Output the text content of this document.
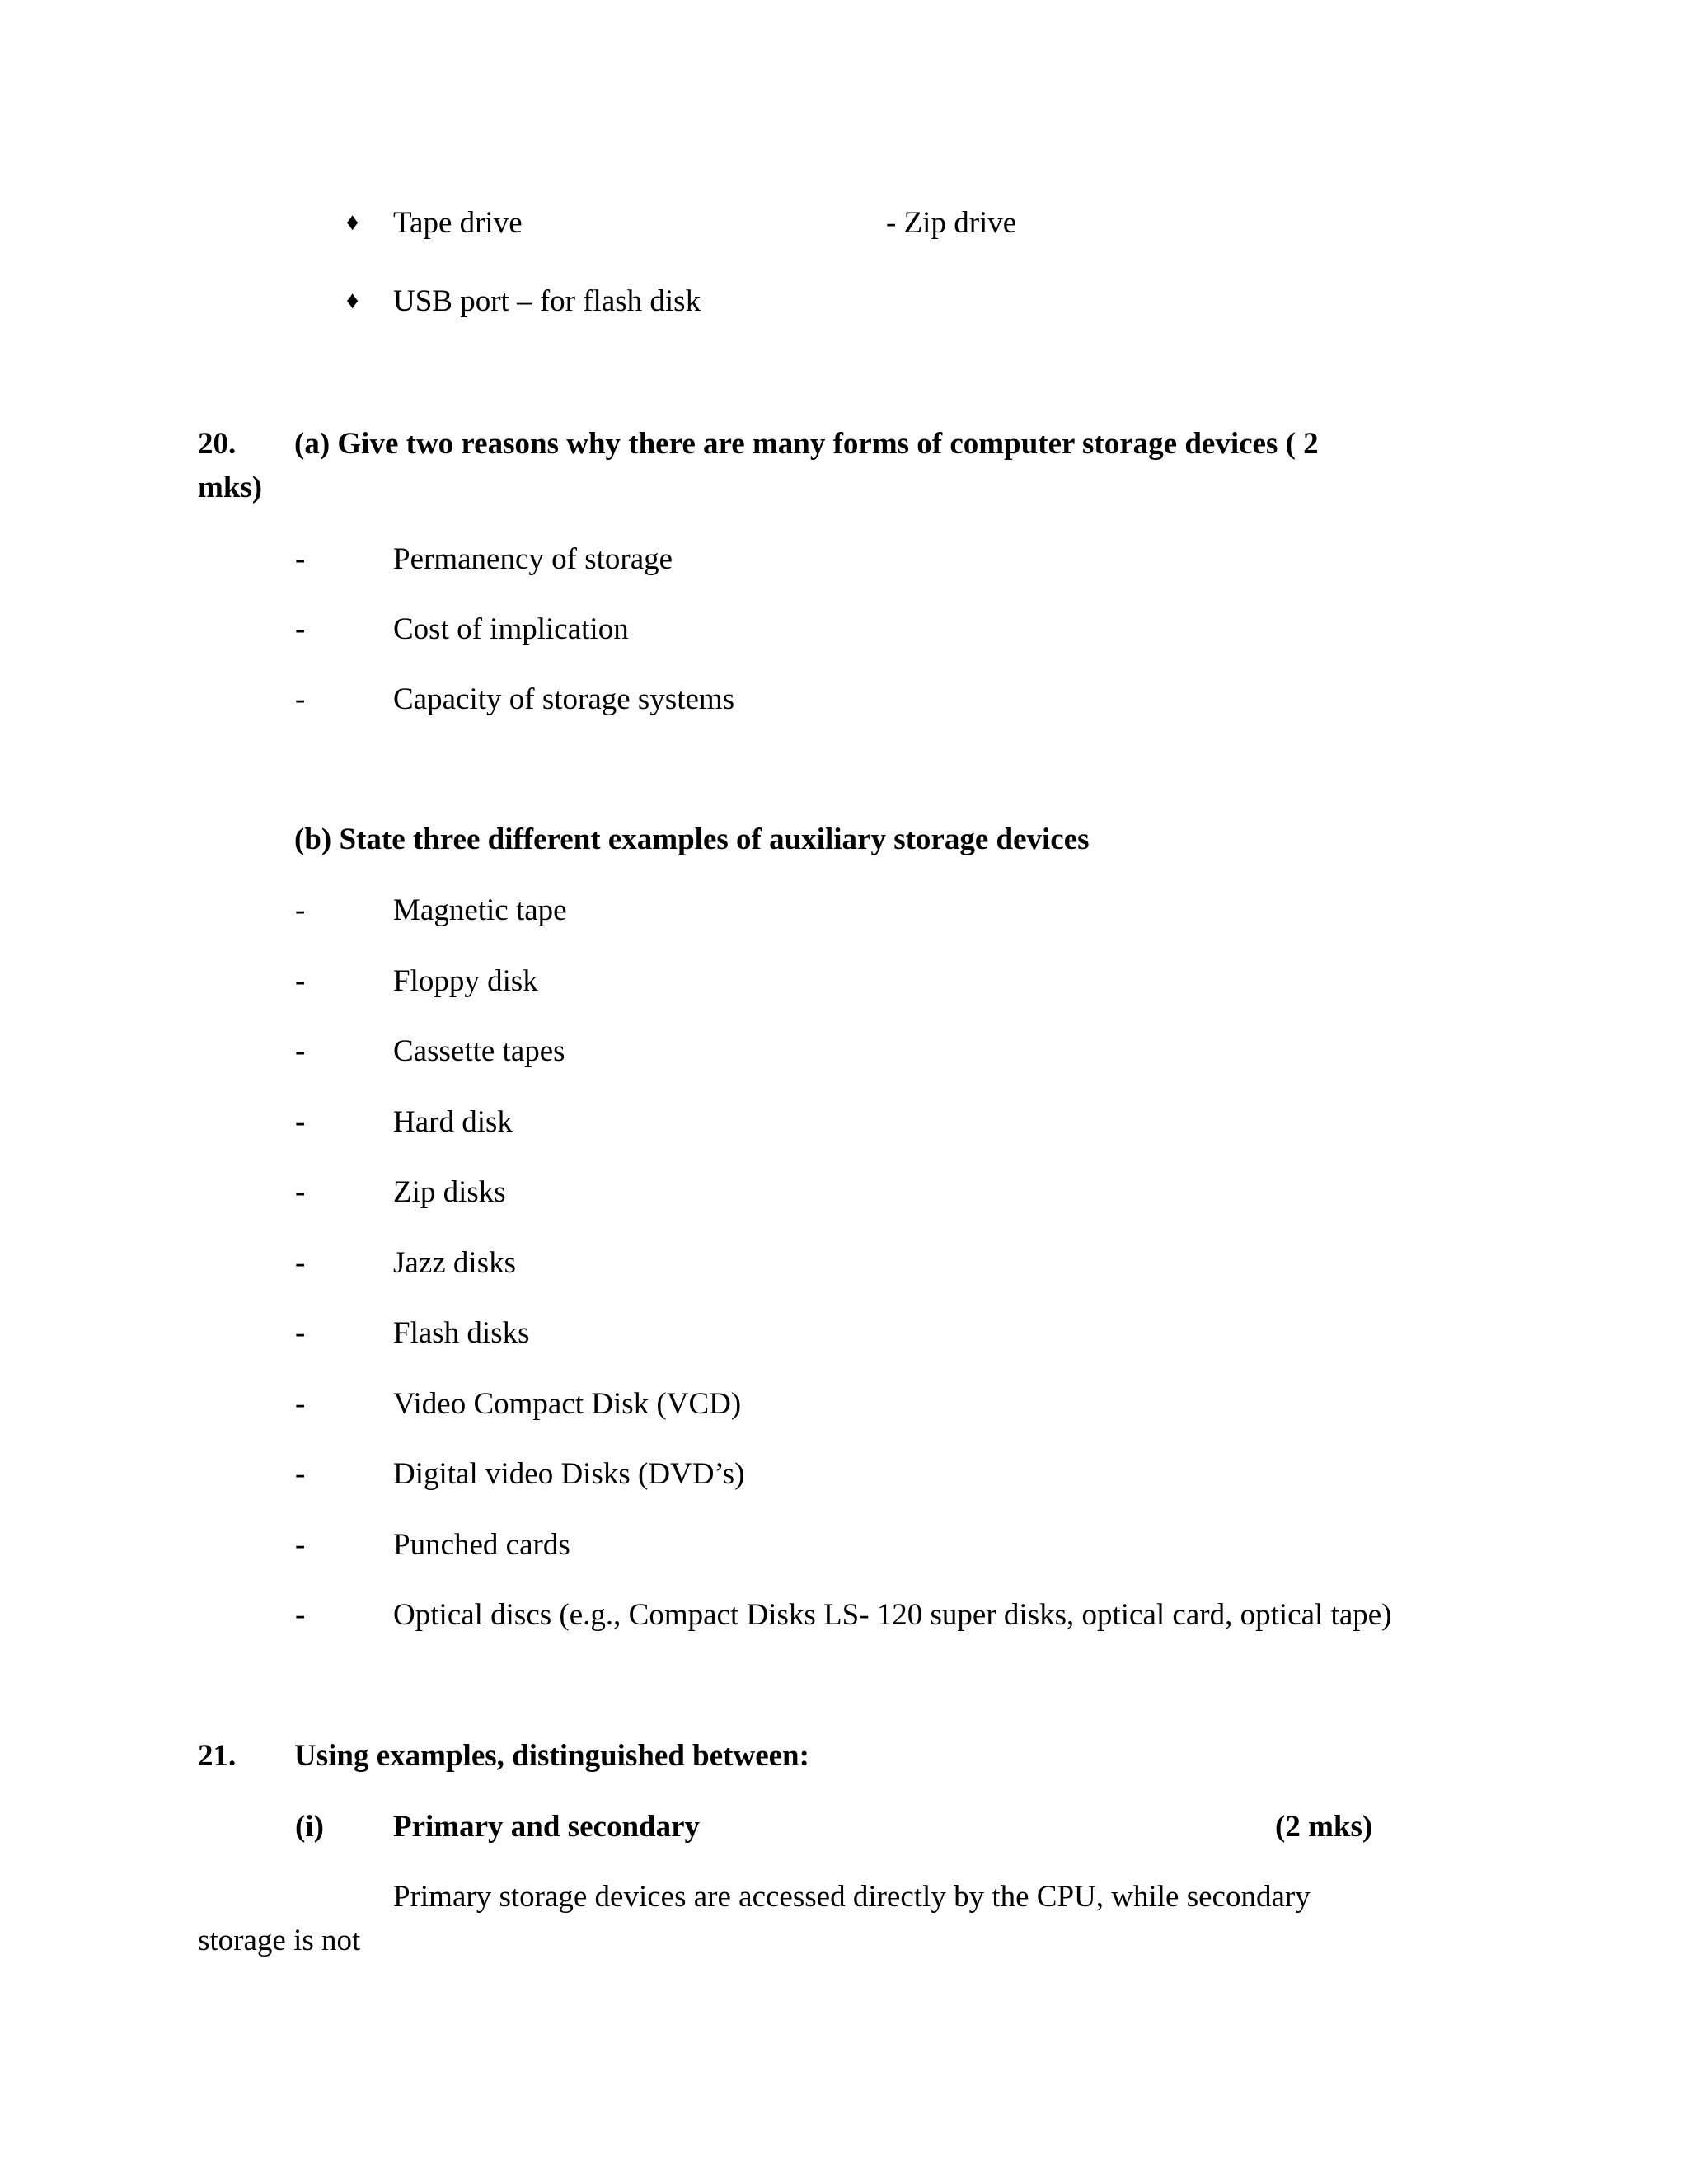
♦ Tape drive	- Zip drive
♦ USB port – for flash disk
20. (a) Give two reasons why there are many forms of computer storage devices ( 2
mks)
-	Permanency of storage
-	Cost of implication
-	Capacity of storage systems
(b) State three different examples of auxiliary storage devices
-	Magnetic tape
-	Floppy disk
-	Cassette tapes
-	Hard disk
-	Zip disks
-	Jazz disks
-	Flash disks
-	Video Compact Disk (VCD)
-	Digital video Disks (DVD’s)
-	Punched cards
-	Optical discs (e.g., Compact Disks LS- 120 super disks, optical card, optical tape)
21. Using examples, distinguished between:
(i) Primary and secondary	(2 mks)
Primary storage devices are accessed directly by the CPU, while secondary
storage is not
